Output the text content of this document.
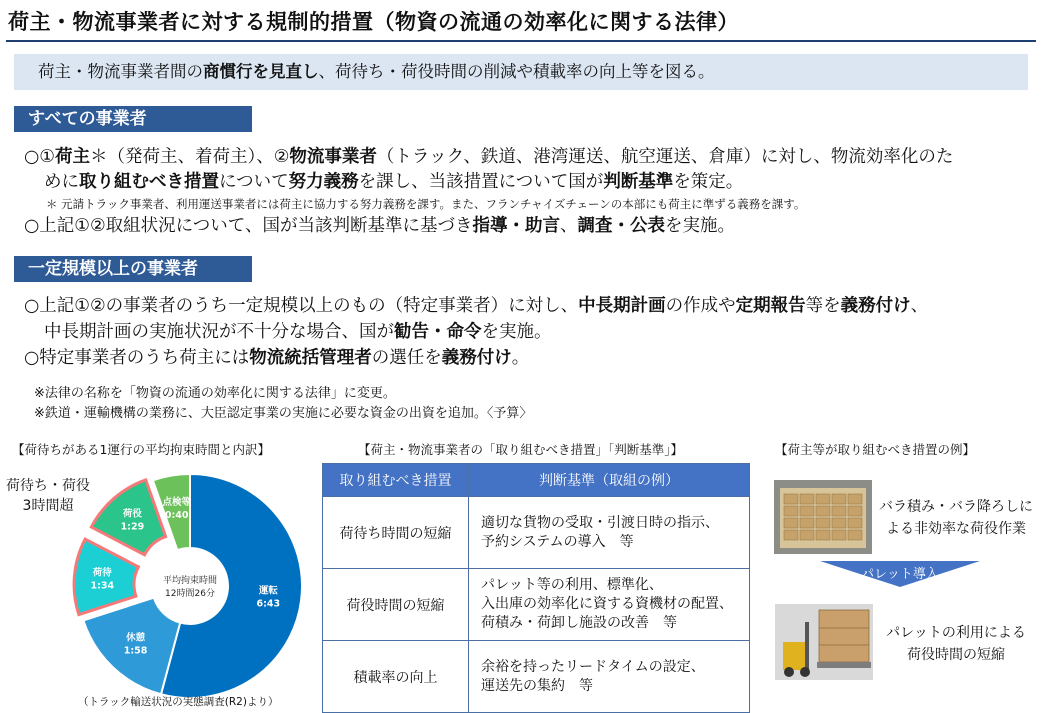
荷主・物流事業者に対する規制的措置（物資の流通の効率化に関する法律）
荷主・物流事業者間の商慣行を見直し、荷待ち・荷役時間の削減や積載率の向上等を図る。
すべての事業者
○①荷主＊（発荷主、着荷主）、②物流事業者（トラック、鉄道、港湾運送、航空運送、倉庫）に対し、物流効率化のた
めに取り組むべき措置について努力義務を課し、当該措置について国が判断基準を策定。
＊ 元請トラック事業者、利用運送事業者には荷主に協力する努力義務を課す。また、フランチャイズチェーンの本部にも荷主に準ずる義務を課す。
○上記①②取組状況について、国が当該判断基準に基づき指導・助言、調査・公表を実施。
一定規模以上の事業者
○上記①②の事業者のうち一定規模以上のもの（特定事業者）に対し、中長期計画の作成や定期報告等を義務付け、
中長期計画の実施状況が不十分な場合、国が勧告・命令を実施。
○特定事業者のうち荷主には物流統括管理者の選任を義務付け。
※法律の名称を「物資の流通の効率化に関する法律」に変更。
※鉄道・運輸機構の業務に、大臣認定事業の実施に必要な資金の出資を追加。〈予算〉
【荷待ちがある1運行の平均拘束時間と内訳】
荷待ち・荷役
3時間超
平均拘束時間
12時間26分	運転
6:43
休憩
1:58
荷待
1:34
荷役
1:29
点検等
0:40
（トラック輸送状況の実態調査(R2)より）
【荷主・物流事業者の「取り組むべき措置」「判断基準」】
取り組むべき措置	判断基準（取組の例）
荷待ち時間の短縮	適切な貨物の受取・引渡日時の指示、
予約システムの導入　等

荷役時間の短縮	パレット等の利用、標準化、
入出庫の効率化に資する資機材の配置、
荷積み・荷卸し施設の改善　等

積載率の向上	余裕を持ったリードタイムの設定、
運送先の集約　等
【荷主等が取り組むべき措置の例】
バラ積み・バラ降ろしに
よる非効率な荷役作業
パレット導入
パレットの利用による
荷役時間の短縮
